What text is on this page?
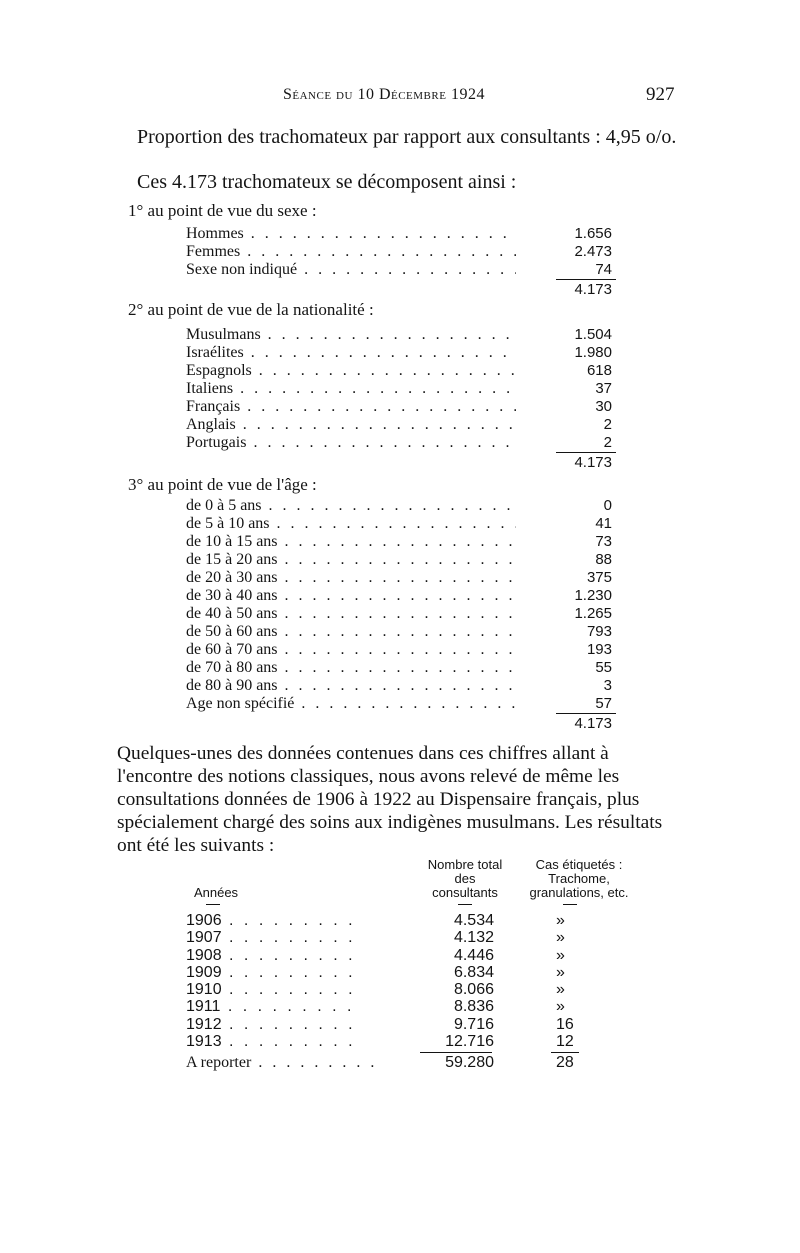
Séance du 10 Décembre 1924	927

Proportion des trachomateux par rapport aux consultants : 4,95 o/o.

Ces 4.173 trachomateux se décomposent ainsi :

1° au point de vue du sexe :
Hommes . . .	1.656
Femmes . . .	2.473
Sexe non indiqué . . .	74
4.173
2° au point de vue de la nationalité :
Musulmans . . .	1.504
Israélites . . .	1.980
Espagnols . . .	618
Italiens . . .	37
Français . . .	30
Anglais . . .	2
Portugais . . .	2
4.173
3° au point de vue de l'âge :
de 0 à 5 ans . . .	0
de 5 à 10 ans . . .	41
de 10 à 15 ans . . .	73
de 15 à 20 ans . . .	88
de 20 à 30 ans . . .	375
de 30 à 40 ans . . .	1.230
de 40 à 50 ans . . .	1.265
de 50 à 60 ans . . .	793
de 60 à 70 ans . . .	193
de 70 à 80 ans . . .	55
de 80 à 90 ans . . .	3
Age non spécifié . . .	57
4.173

Quelques-unes des données contenues dans ces chiffres allant à l'encontre des notions classiques, nous avons relevé de même les consultations données de 1906 à 1922 au Dispensaire français, plus spécialement chargé des soins aux indigènes musulmans. Les résultats ont été les suivants :

Années
Nombre total
des
consultants
Cas étiquetés :
Trachome,
granulations, etc.
1906 . . .	4.534	»
1907 . . .	4.132	»
1908 . . .	4.446	»
1909 . . .	6.834	»
1910 . . .	8.066	»
1911 . . .	8.836	»
1912 . . .	9.716	16
1913 . . .	12.716	12
A reporter . . .	59.280	28
